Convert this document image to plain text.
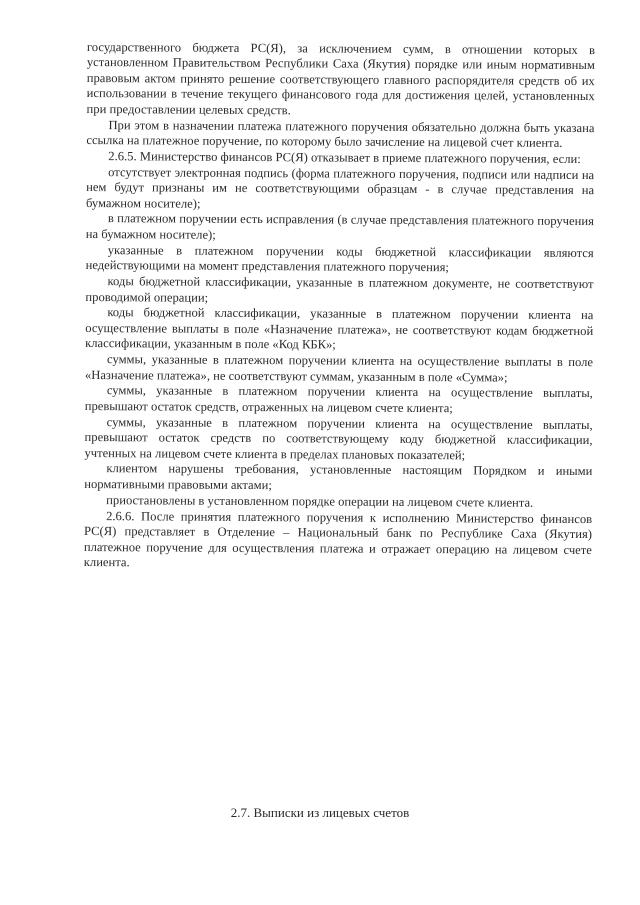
государственного бюджета РС(Я), за исключением сумм, в отношении которых в установленном Правительством Республики Саха (Якутия) порядке или иным нормативным правовым актом принято решение соответствующего главного распорядителя средств об их использовании в течение текущего финансового года для достижения целей, установленных при предоставлении целевых средств.

При этом в назначении платежа платежного поручения обязательно должна быть указана ссылка на платежное поручение, по которому было зачисление на лицевой счет клиента.

2.6.5. Министерство финансов РС(Я) отказывает в приеме платежного поручения, если:

отсутствует электронная подпись (форма платежного поручения, подписи или надписи на нем будут признаны им не соответствующими образцам - в случае представления на бумажном носителе);

в платежном поручении есть исправления (в случае представления платежного поручения на бумажном носителе);

указанные в платежном поручении коды бюджетной классификации являются недействующими на момент представления платежного поручения;

коды бюджетной классификации, указанные в платежном документе, не соответствуют проводимой операции;

коды бюджетной классификации, указанные в платежном поручении клиента на осуществление выплаты в поле «Назначение платежа», не соответствуют кодам бюджетной классификации, указанным в поле «Код КБК»;

суммы, указанные в платежном поручении клиента на осуществление выплаты в поле «Назначение платежа», не соответствуют суммам, указанным в поле «Сумма»;

суммы, указанные в платежном поручении клиента на осуществление выплаты, превышают остаток средств, отраженных на лицевом счете клиента;

суммы, указанные в платежном поручении клиента на осуществление выплаты, превышают остаток средств по соответствующему коду бюджетной классификации, учтенных на лицевом счете клиента в пределах плановых показателей;

клиентом нарушены требования, установленные настоящим Порядком и иными нормативными правовыми актами;

приостановлены в установленном порядке операции на лицевом счете клиента.

2.6.6. После принятия платежного поручения к исполнению Министерство финансов РС(Я) представляет в Отделение – Национальный банк по Республике Саха (Якутия) платежное поручение для осуществления платежа и отражает операцию на лицевом счете клиента.

2.7. Выписки из лицевых счетов
